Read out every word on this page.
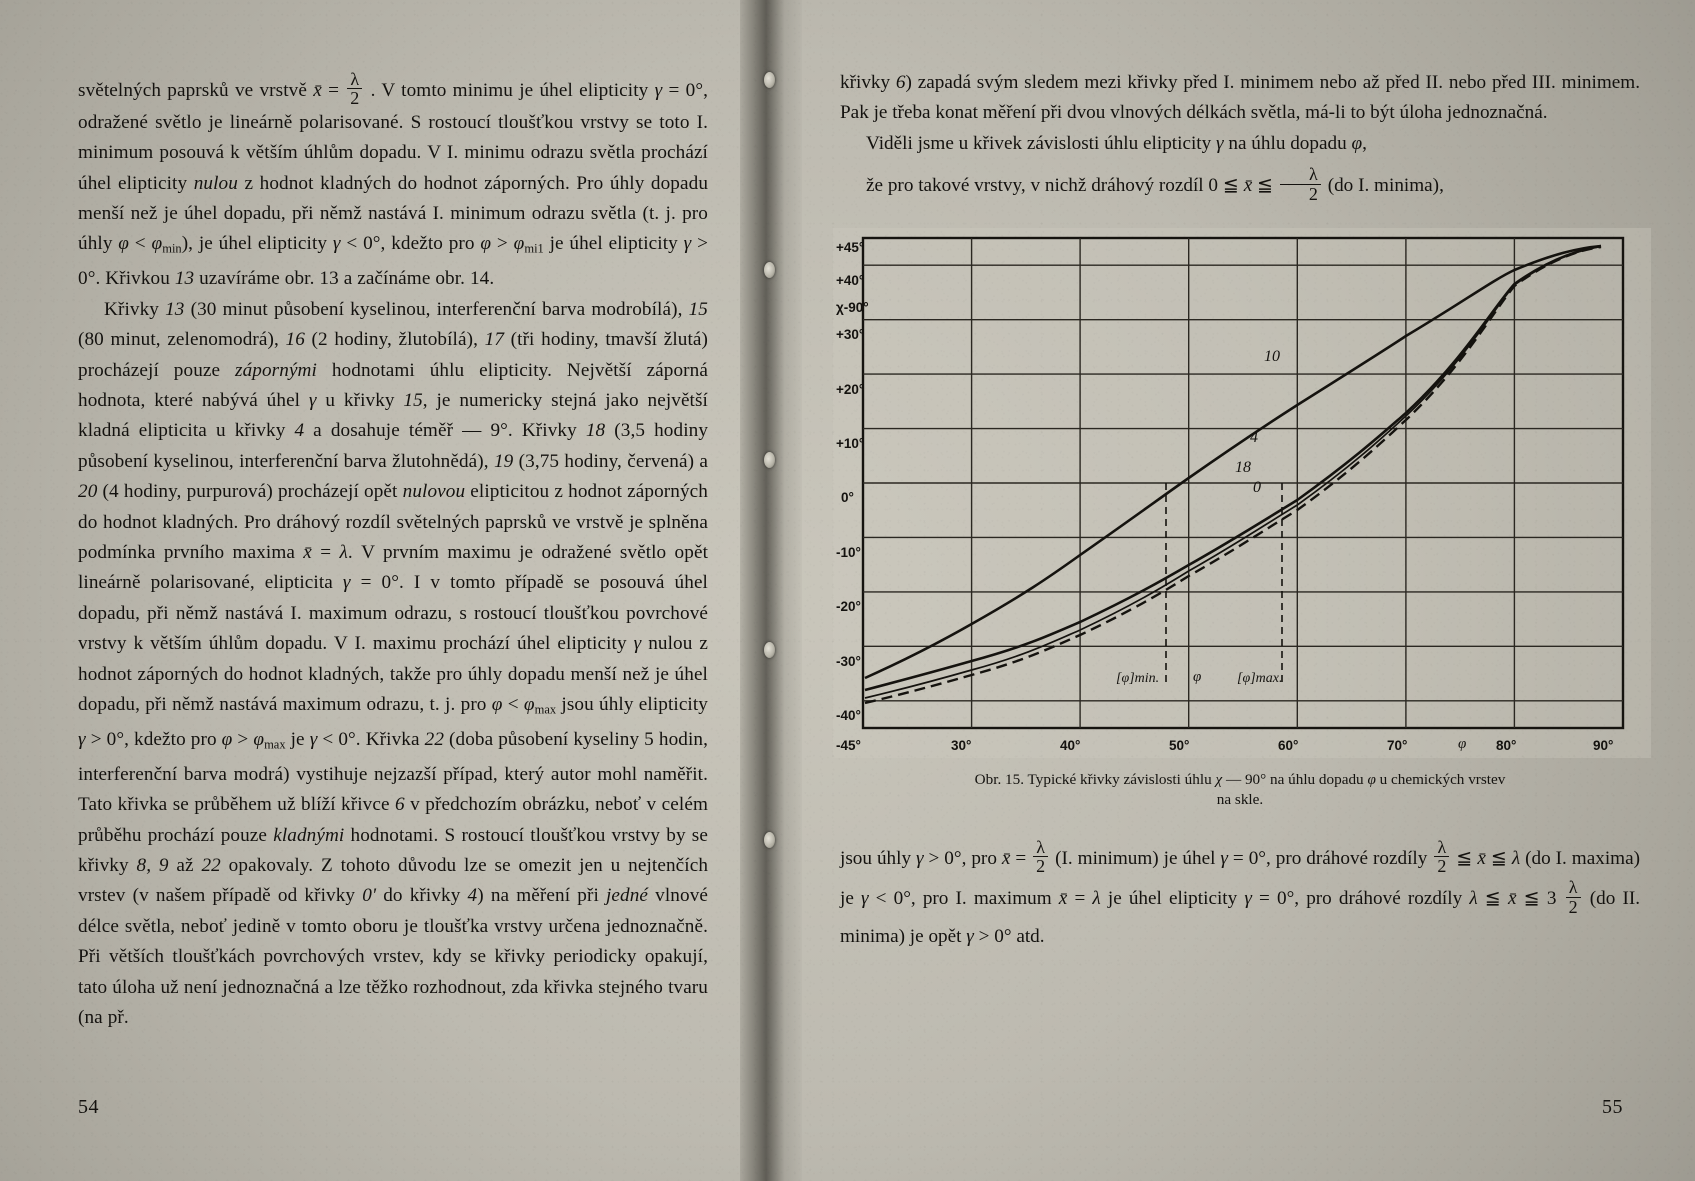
světelných paprsků ve vrstvě x̄ = $\frac{\lambda}{2}$ . V tomto minimu je úhel elipticity γ = 0°, odražené světlo je lineárně polarisované. S rostoucí tloušťkou vrstvy se toto I. minimum posouvá k větším úhlům dopadu. V I. minimu odrazu světla prochází úhel elipticity nulou z hodnot kladných do hodnot záporných. Pro úhly dopadu menší než je úhel dopadu, při němž nastává I. minimum odrazu světla (t. j. pro úhly $\varphi < \varphi_{min}$), je úhel elipticity γ < 0°, kdežto pro $\varphi > \varphi_{mi1}$ je úhel elipticity γ > 0°. Křivkou 13 uzavíráme obr. 13 a začínáme obr. 14.

Křivky 13 (30 minut působení kyselinou, interferenční barva modrobílá), 15 (80 minut, zelenomodrá), 16 (2 hodiny, žlutobílá), 17 (tři hodiny, tmavší žlutá) procházejí pouze zápornými hodnotami úhlu elipticity. Největší záporná hodnota, které nabývá úhel γ u křivky 15, je numericky stejná jako největší kladná elipticita u křivky 4 a dosahuje téměř — 9°. Křivky 18 (3,5 hodiny působení kyselinou, interferenční barva žlutohnědá), 19 (3,75 hodiny, červená) a 20 (4 hodiny, purpurová) procházejí opět nulovou elipticitou z hodnot záporných do hodnot kladných. Pro dráhový rozdíl světelných paprsků ve vrstvě je splněna podmínka prvního maxima x̄ = λ. V prvním maximu je odražené světlo opět lineárně polarisované, elipticita γ = 0°. I v tomto případě se posouvá úhel dopadu, při němž nastává I. maximum odrazu, s rostoucí tloušťkou povrchové vrstvy k větším úhlům dopadu. V I. maximu prochází úhel elipticity γ nulou z hodnot záporných do hodnot kladných, takže pro úhly dopadu menší než je úhel dopadu, při němž nastává maximum odrazu, t. j. pro $\varphi < \varphi_{max}$ jsou úhly elipticity γ > 0°, kdežto pro $\varphi > \varphi_{max}$ je γ < 0°. Křivka 22 (doba působení kyseliny 5 hodin, interferenční barva modrá) vystihuje nejzazší případ, který autor mohl naměřit. Tato křivka se průběhem už blíží křivce 6 v předchozím obrázku, neboť v celém průběhu prochází pouze kladnými hodnotami. S rostoucí tloušťkou vrstvy by se křivky 8, 9 až 22 opakovaly. Z tohoto důvodu lze se omezit jen u nejtenčích vrstev (v našem případě od křivky 0' do křivky 4) na měření při jedné vlnové délce světla, neboť jedině v tomto oboru je tloušťka vrstvy určena jednoznačně. Při větších tloušťkách povrchových vrstev, kdy se křivky periodicky opakují, tato úloha už není jednoznačná a lze těžko rozhodnout, zda křivka stejného tvaru (na př.

54

křivky 6) zapadá svým sledem mezi křivky před I. minimem nebo až před II. nebo před III. minimem. Pak je třeba konat měření při dvou vlnových délkách světla, má-li to být úloha jednoznačná.

Viděli jsme u křivek závislosti úhlu elipticity γ na úhlu dopadu φ,

že pro takové vrstvy, v nichž dráhový rozdíl 0 ≦ x̄ ≦ $\frac{\lambda}{2} (do$ I. minima),

+45°
+40°
χ-90°
+30°
+20°
+10°
0°
-10°
-20°
-30°
-40°
-45°	30°	40°	50°	60°	70°	φ 80°	90°
[φ]min. φ	[φ]max.
10
4
18
0
Obr. 15. Typické křivky závislosti úhlu χ — 90° na úhlu dopadu φ u chemických vrstev
na skle.

jsou úhly γ > 0°, pro x̄ = $\frac{\lambda}{2} (I$. minimum) je úhel γ = 0°, pro dráhové rozdíly $\frac{\lambda}{2}$ ≦ x̄ ≦ λ (do I. maxima) je γ < 0°, pro I. maximum x̄ = λ je úhel elipticity γ = 0°, pro dráhové rozdíly λ ≦ x̄ ≦ $3 \frac{\lambda}{2} (do$ II. minima) je opět γ > 0° atd.

55
